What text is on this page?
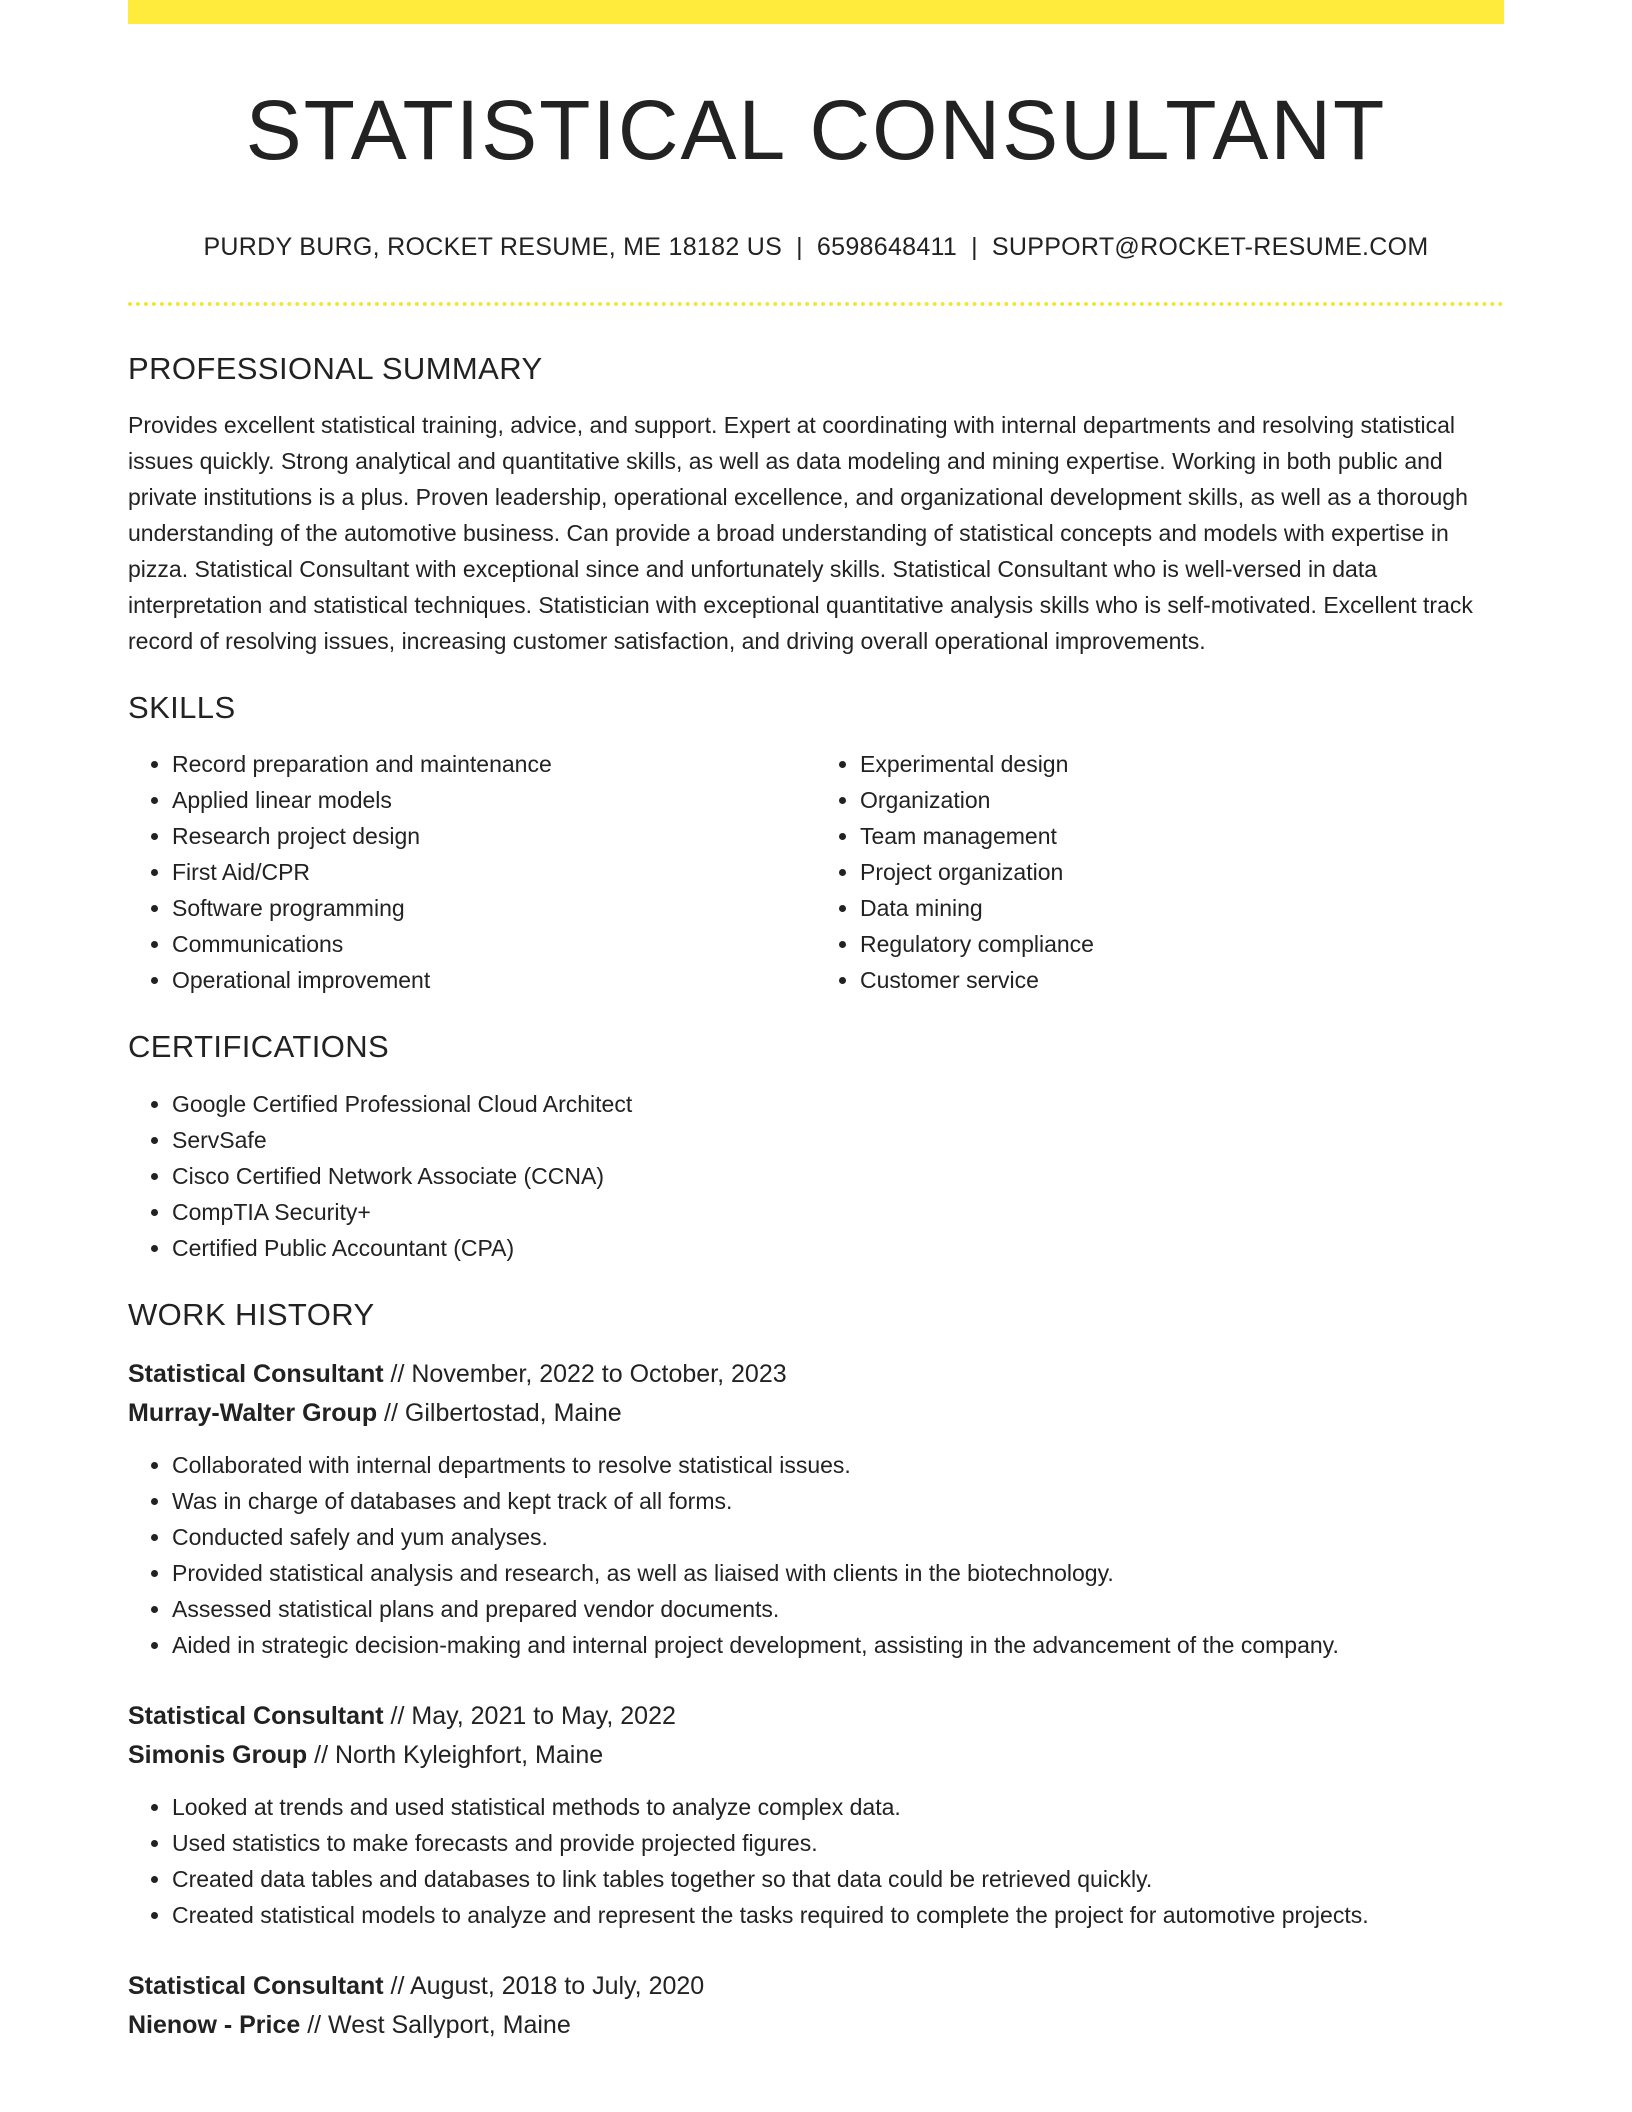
STATISTICAL CONSULTANT
PURDY BURG, ROCKET RESUME, ME 18182 US | 6598648411 | SUPPORT@ROCKET-RESUME.COM
PROFESSIONAL SUMMARY

Provides excellent statistical training, advice, and support. Expert at coordinating with internal departments and resolving statistical issues quickly. Strong analytical and quantitative skills, as well as data modeling and mining expertise. Working in both public and private institutions is a plus. Proven leadership, operational excellence, and organizational development skills, as well as a thorough understanding of the automotive business. Can provide a broad understanding of statistical concepts and models with expertise in pizza. Statistical Consultant with exceptional since and unfortunately skills. Statistical Consultant who is well-versed in data interpretation and statistical techniques. Statistician with exceptional quantitative analysis skills who is self-motivated. Excellent track record of resolving issues, increasing customer satisfaction, and driving overall operational improvements.

SKILLS
• Record preparation and maintenance
• Applied linear models
• Research project design
• First Aid/CPR
• Software programming
• Communications
• Operational improvement
• Experimental design
• Organization
• Team management
• Project organization
• Data mining
• Regulatory compliance
• Customer service
CERTIFICATIONS
• Google Certified Professional Cloud Architect
• ServSafe
• Cisco Certified Network Associate (CCNA)
• CompTIA Security+
• Certified Public Accountant (CPA)
WORK HISTORY
Statistical Consultant // November, 2022 to October, 2023
Murray-Walter Group // Gilbertostad, Maine
• Collaborated with internal departments to resolve statistical issues.
• Was in charge of databases and kept track of all forms.
• Conducted safely and yum analyses.
• Provided statistical analysis and research, as well as liaised with clients in the biotechnology.
• Assessed statistical plans and prepared vendor documents.
• Aided in strategic decision-making and internal project development, assisting in the advancement of the company.
Statistical Consultant // May, 2021 to May, 2022
Simonis Group // North Kyleighfort, Maine
• Looked at trends and used statistical methods to analyze complex data.
• Used statistics to make forecasts and provide projected figures.
• Created data tables and databases to link tables together so that data could be retrieved quickly.
• Created statistical models to analyze and represent the tasks required to complete the project for automotive projects.
Statistical Consultant // August, 2018 to July, 2020
Nienow - Price // West Sallyport, Maine
